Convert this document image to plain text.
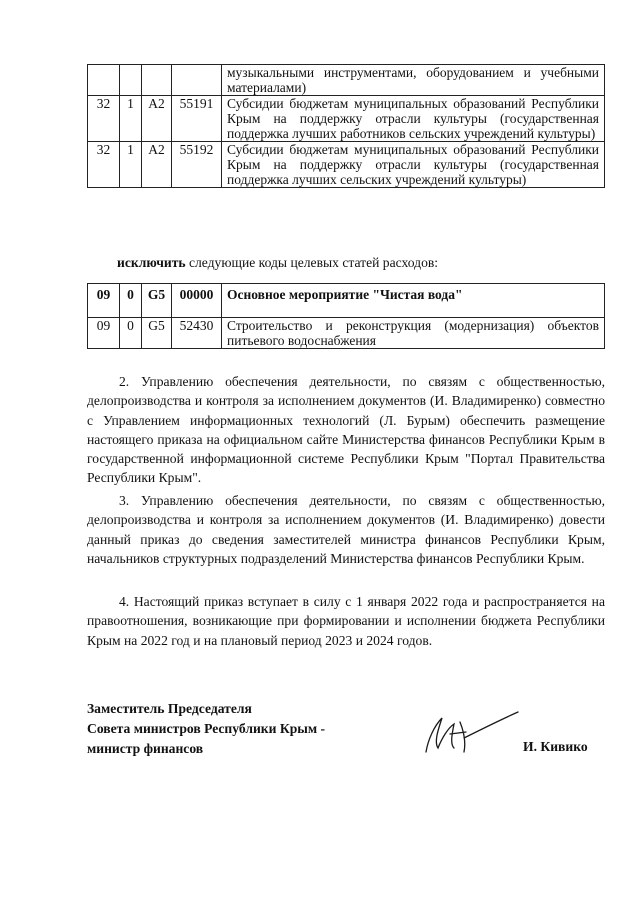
				музыкальными инструментами, оборудованием и учебными материалами)
32	1	А2	55191	Субсидии бюджетам муниципальных образований Республики Крым на поддержку отрасли культуры (государственная поддержка лучших работников сельских учреждений культуры)
32	1	А2	55192	Субсидии бюджетам муниципальных образований Республики Крым на поддержку отрасли культуры (государственная поддержка лучших сельских учреждений культуры)
исключить следующие коды целевых статей расходов:
09	0	G5	00000	Основное мероприятие "Чистая вода"
09	0	G5	52430	Строительство и реконструкция (модернизация) объектов питьевого водоснабжения
2. Управлению обеспечения деятельности, по связям с общественностью, делопроизводства и контроля за исполнением документов (И. Владимиренко) совместно с Управлением информационных технологий (Л. Бурым) обеспечить размещение настоящего приказа на официальном сайте Министерства финансов Республики Крым в государственной информационной системе Республики Крым "Портал Правительства Республики Крым".
3. Управлению обеспечения деятельности, по связям с общественностью, делопроизводства и контроля за исполнением документов (И. Владимиренко) довести данный приказ до сведения заместителей министра финансов Республики Крым, начальников структурных подразделений Министерства финансов Республики Крым.
4. Настоящий приказ вступает в силу с 1 января 2022 года и распространяется на правоотношения, возникающие при формировании и исполнении бюджета Республики Крым на 2022 год и на плановый период 2023 и 2024 годов.
Заместитель Председателя
Совета министров Республики Крым -
министр финансов	И. Кивико
